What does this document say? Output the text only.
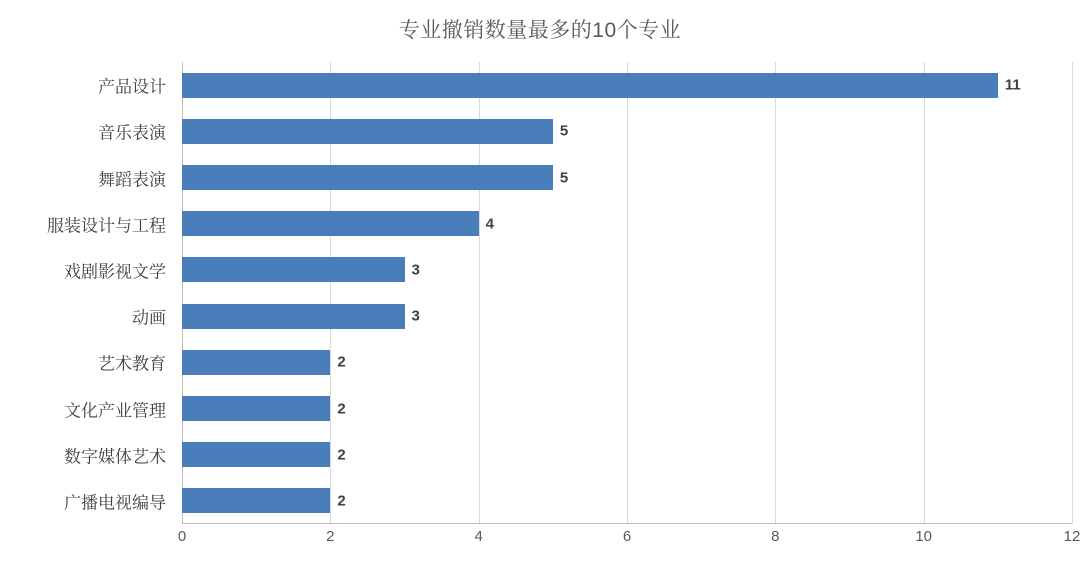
专业撤销数量最多的10个专业
产品设计
音乐表演
舞蹈表演
服装设计与工程
戏剧影视文学
动画
艺术教育
文化产业管理
数字媒体艺术
广播电视编导
11
5
5
4
3
3
2
2
2
2
0	2	4	6	8	10	12
